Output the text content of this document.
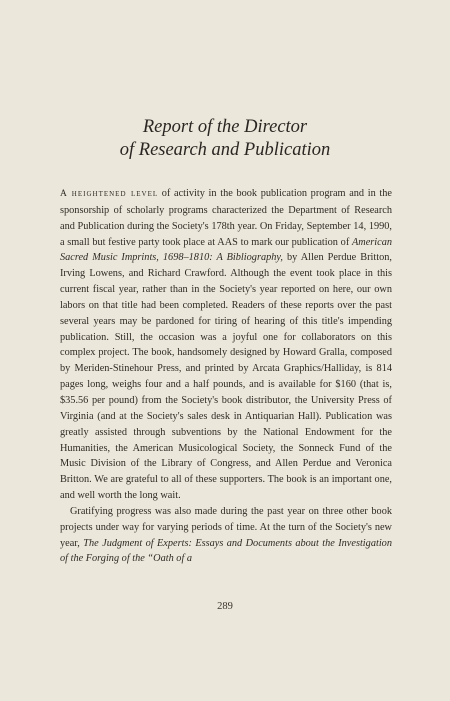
Report of the Director
of Research and Publication

A heightened level of activity in the book publication program and in the sponsorship of scholarly programs characterized the Department of Research and Publication during the Society's 178th year. On Friday, September 14, 1990, a small but festive party took place at AAS to mark our publication of American Sacred Music Imprints, 1698–1810: A Bibliography, by Allen Perdue Britton, Irving Lowens, and Richard Crawford. Although the event took place in this current fiscal year, rather than in the Society's year reported on here, our own labors on that title had been completed. Readers of these reports over the past several years may be pardoned for tiring of hearing of this title's impending publication. Still, the occasion was a joyful one for collaborators on this complex project. The book, handsomely designed by Howard Gralla, composed by Meriden-Stinehour Press, and printed by Arcata Graphics/Halliday, is 814 pages long, weighs four and a half pounds, and is available for $160 (that is, $35.56 per pound) from the Society's book distributor, the University Press of Virginia (and at the Society's sales desk in Antiquarian Hall). Publication was greatly assisted through subventions by the National Endowment for the Humanities, the American Musicological Society, the Sonneck Fund of the Music Division of the Library of Congress, and Allen Perdue and Veronica Britton. We are grateful to all of these supporters. The book is an important one, and well worth the long wait.

Gratifying progress was also made during the past year on three other book projects under way for varying periods of time. At the turn of the Society's new year, The Judgment of Experts: Essays and Documents about the Investigation of the Forging of the “Oath of a

289
